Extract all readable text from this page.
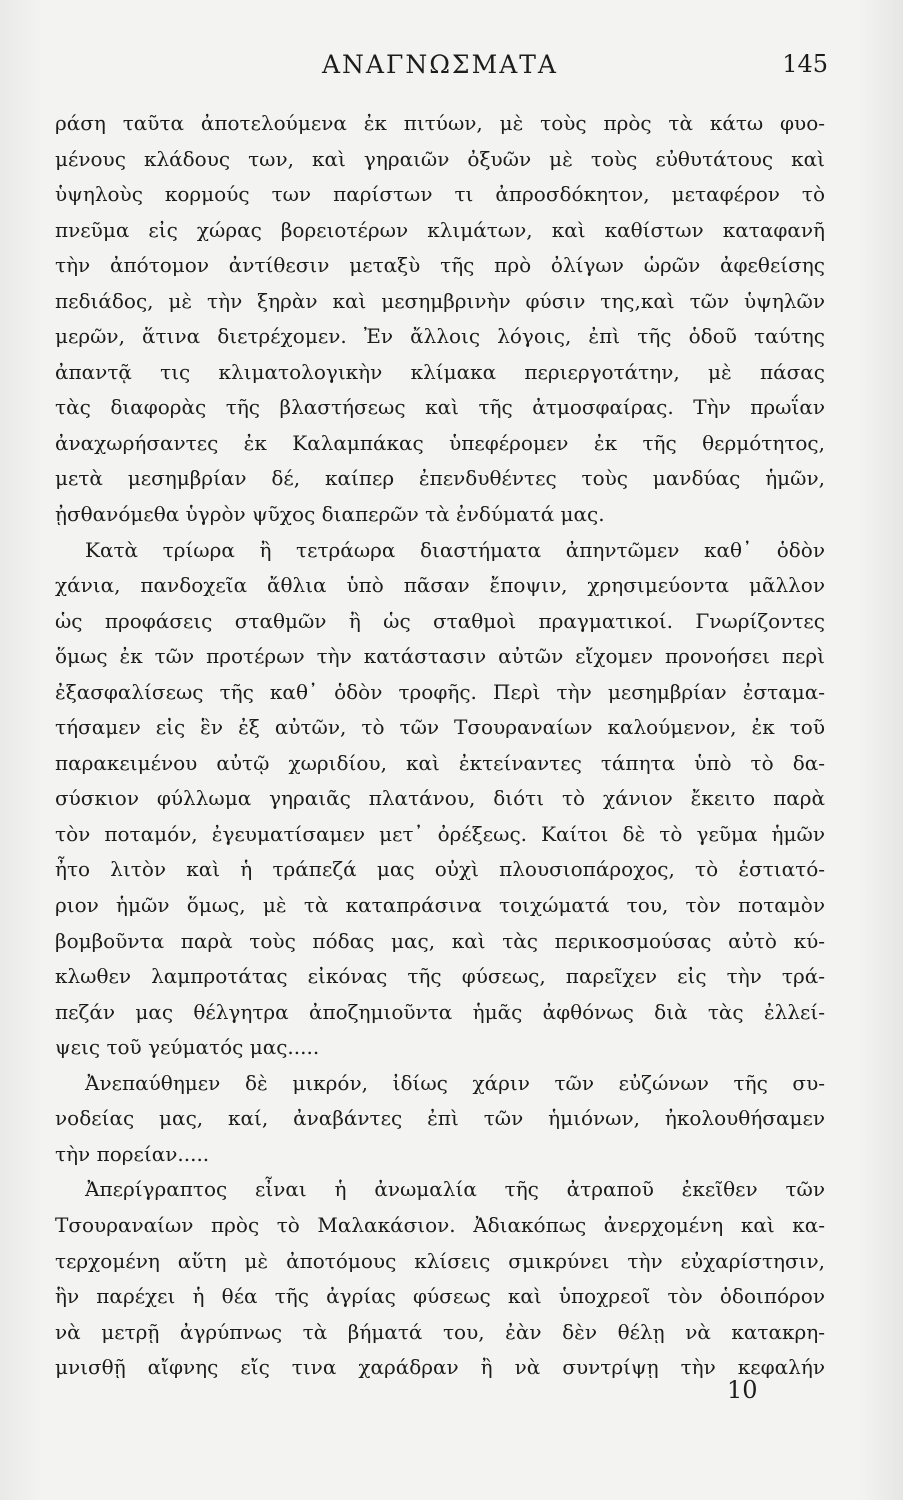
ΑΝΑΓΝΩΣΜΑΤΑ	145
ράση ταῦτα ἀποτελούμενα ἐκ πιτύων, μὲ τοὺς πρὸς τὰ κάτω φυο-
μένους κλάδους των, καὶ γηραιῶν ὀξυῶν μὲ τοὺς εὐθυτάτους καὶ
ὑψηλοὺς κορμούς των παρίστων τι ἀπροσδόκητον, μεταφέρον τὸ
πνεῦμα εἰς χώρας βορειοτέρων κλιμάτων, καὶ καθίστων καταφανῆ
τὴν ἀπότομον ἀντίθεσιν μεταξὺ τῆς πρὸ ὀλίγων ὡρῶν ἀφεθείσης
πεδιάδος, μὲ τὴν ξηρὰν καὶ μεσημβρινὴν φύσιν της,καὶ τῶν ὑψηλῶν
μερῶν, ἅτινα διετρέχομεν. Ἐν ἄλλοις λόγοις, ἐπὶ τῆς ὁδοῦ ταύτης
ἀπαντᾷ τις κλιματολογικὴν κλίμακα περιεργοτάτην, μὲ πάσας
τὰς διαφορὰς τῆς βλαστήσεως καὶ τῆς ἀτμοσφαίρας. Τὴν πρωΐαν
ἀναχωρήσαντες ἐκ Καλαμπάκας ὑπεφέρομεν ἐκ τῆς θερμότητος,
μετὰ μεσημβρίαν δέ, καίπερ ἐπενδυθέντες τοὺς μανδύας ἡμῶν,
ᾐσθανόμεθα ὑγρὸν ψῦχος διαπερῶν τὰ ἐνδύματά μας.
Κατὰ τρίωρα ἢ τετράωρα διαστήματα ἀπηντῶμεν καθ᾽ ὁδὸν
χάνια, πανδοχεῖα ἄθλια ὑπὸ πᾶσαν ἔποψιν, χρησιμεύοντα μᾶλλον
ὡς προφάσεις σταθμῶν ἢ ὡς σταθμοὶ πραγματικοί. Γνωρίζοντες
ὅμως ἐκ τῶν προτέρων τὴν κατάστασιν αὐτῶν εἴχομεν προνοήσει περὶ
ἐξασφαλίσεως τῆς καθ᾽ ὁδὸν τροφῆς. Περὶ τὴν μεσημβρίαν ἐσταμα-
τήσαμεν εἰς ἓν ἐξ αὐτῶν, τὸ τῶν Τσουραναίων καλούμενον, ἐκ τοῦ
παρακειμένου αὐτῷ χωριδίου, καὶ ἐκτείναντες τάπητα ὑπὸ τὸ δα-
σύσκιον φύλλωμα γηραιᾶς πλατάνου, διότι τὸ χάνιον ἔκειτο παρὰ
τὸν ποταμόν, ἐγευματίσαμεν μετ᾽ ὀρέξεως. Καίτοι δὲ τὸ γεῦμα ἡμῶν
ἦτο λιτὸν καὶ ἡ τράπεζά μας οὐχὶ πλουσιοπάροχος, τὸ ἑστιατό-
ριον ἡμῶν ὅμως, μὲ τὰ καταπράσινα τοιχώματά του, τὸν ποταμὸν
βομβοῦντα παρὰ τοὺς πόδας μας, καὶ τὰς περικοσμούσας αὐτὸ κύ-
κλωθεν λαμπροτάτας εἰκόνας τῆς φύσεως, παρεῖχεν εἰς τὴν τρά-
πεζάν μας θέλγητρα ἀποζημιοῦντα ἡμᾶς ἀφθόνως διὰ τὰς ἐλλεί-
ψεις τοῦ γεύματός μας.....
Ἀνεπαύθημεν δὲ μικρόν, ἰδίως χάριν τῶν εὐζώνων τῆς συ-
νοδείας μας, καί, ἀναβάντες ἐπὶ τῶν ἡμιόνων, ἠκολουθήσαμεν
τὴν πορείαν.....
Ἀπερίγραπτος εἶναι ἡ ἀνωμαλία τῆς ἀτραποῦ ἐκεῖθεν τῶν
Τσουραναίων πρὸς τὸ Μαλακάσιον. Ἀδιακόπως ἀνερχομένη καὶ κα-
τερχομένη αὕτη μὲ ἀποτόμους κλίσεις σμικρύνει τὴν εὐχαρίστησιν,
ἣν παρέχει ἡ θέα τῆς ἀγρίας φύσεως καὶ ὑποχρεοῖ τὸν ὁδοιπόρον
νὰ μετρῇ ἀγρύπνως τὰ βήματά του, ἐὰν δὲν θέλῃ νὰ κατακρη-
μνισθῇ αἴφνης εἴς τινα χαράδραν ἢ νὰ συντρίψῃ τὴν κεφαλήν
10
